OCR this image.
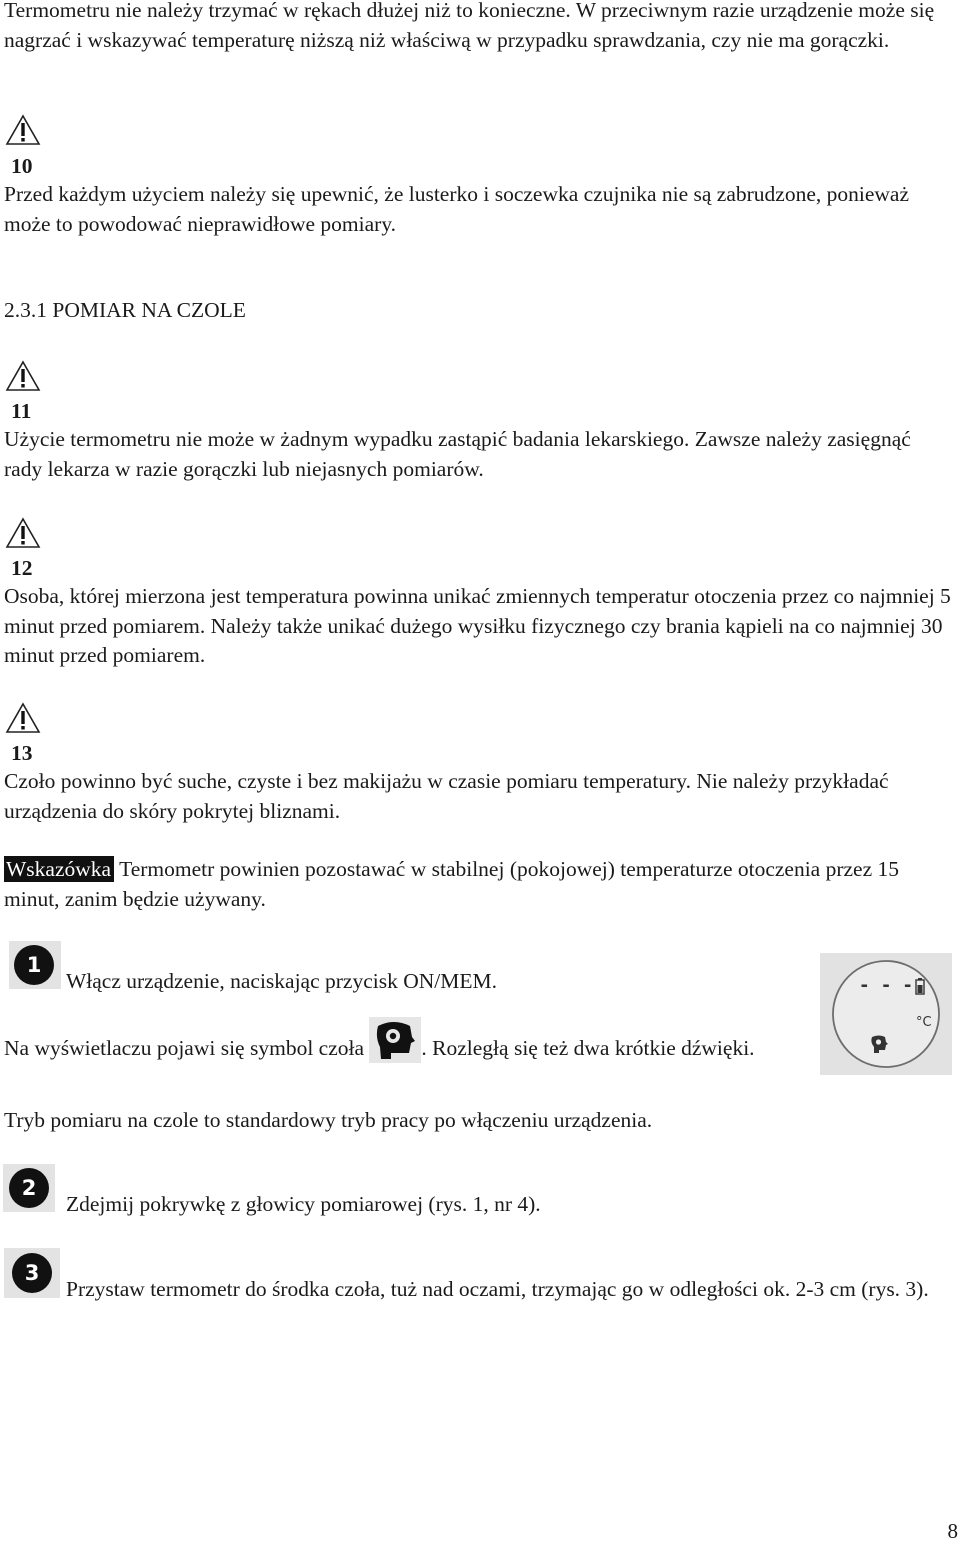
Termometru nie należy trzymać w rękach dłużej niż to konieczne. W przeciwnym razie urządzenie może się nagrzać i wskazywać temperaturę niższą niż właściwą w przypadku sprawdzania, czy nie ma gorączki.

10

Przed każdym użyciem należy się upewnić, że lusterko i soczewka czujnika nie są zabrudzone, ponieważ może to powodować nieprawidłowe pomiary.

2.3.1 POMIAR NA CZOLE

11

Użycie termometru nie może w żadnym wypadku zastąpić badania lekarskiego. Zawsze należy zasięgnąć rady lekarza w razie gorączki lub niejasnych pomiarów.

12

Osoba, której mierzona jest temperatura powinna unikać zmiennych temperatur otoczenia przez co najmniej 5 minut przed pomiarem. Należy także unikać dużego wysiłku fizycznego czy brania kąpieli na co najmniej 30 minut przed pomiarem.

13

Czoło powinno być suche, czyste i bez makijażu w czasie pomiaru temperatury. Nie należy przykładać urządzenia do skóry pokrytej bliznami.

Wskazówka Termometr powinien pozostawać w stabilnej (pokojowej) temperaturze otoczenia przez 15 minut, zanim będzie używany.

1

Włącz urządzenie, naciskając przycisk ON/MEM.

Na wyświetlaczu pojawi się symbol czoła . Rozległą się też dwa krótkie dźwięki.

- - -
°C

Tryb pomiaru na czole to standardowy tryb pracy po włączeniu urządzenia.

2

Zdejmij pokrywkę z głowicy pomiarowej (rys. 1, nr 4).

3

Przystaw termometr do środka czoła, tuż nad oczami, trzymając go w odległości ok. 2-3 cm (rys. 3).

8
